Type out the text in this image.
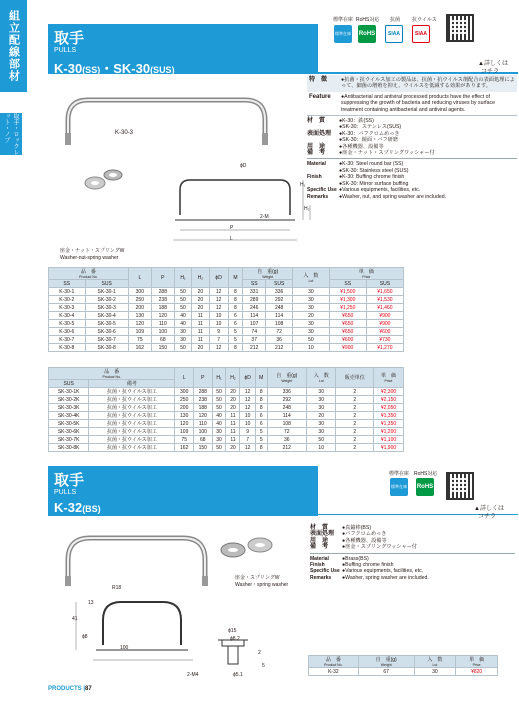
組立配線部材
取手・ロックレット・ノブ
取手
PULLS
K-30(SS)・SK-30(SUS)
標準在庫 RoHS対応 抗菌 抗ウイルス
標準在庫 RoHS	SIAA	SIAA
▲詳しくは
コチラ
K-30-3
ϕD
H₁
H₂
2-M
P
L
座金・ナット・スプリングW
Washer-nut-spring washer
特　徴	●抗菌・抗ウイルス加工の製品は、抗菌・抗ウイルス剤配合の表面処理によって、細菌の増殖を抑え、ウイルスを低減する効果があります。
Feature	●Antibacterial and antiviral processed products have the effect of suppressing the growth of bacteria and reducing viruses by surface treatment containing antibacterial and antiviral agents.
材　質	●K-30：鉄(SS)
●SK-30：ステンレス(SUS)
表面処理	●K-30：バフクロムめっき
●SK-30：鏡面・バフ研磨
用　途	●各種機器、設備等
備　考	●座金・ナット・スプリングワッシャー付
Material	●K-30: Steel round bar (SS)
●SK-30: Stainless steel (SUS)
Finish	●K-30: Buffing chrome finish
●SK-30: Mirror surface buffing
Specific Use ●Various equipments, facilities, etc.
Remarks	●Washer, nut, and spring washer are included.
品　番
Product No.		L	P	H₁	H₂	ϕD	M	自　重(g)
Weight		入　数
Lot	単　価
Price	

SS	SUS							SS	SUS		SS	SUS
K-30-1	SK-30-1	300	288	50	20	12	8	331	336	30	¥1,500	¥1,650
K-30-2	SK-30-2	250	238	50	20	12	8	289	292	30	¥1,300	¥1,530
K-30-3	SK-30-3	200	188	50	20	12	8	246	248	30	¥1,250	¥1,460
K-30-4	SK-30-4	130	120	40	11	10	6	114	114	20	¥650	¥900
K-30-5	SK-30-5	120	110	40	11	10	6	107	108	30	¥650	¥900
K-30-6	SK-30-6	109	100	30	11	9	5	74	72	30	¥650	¥600
K-30-7	SK-30-7	75	68	30	11	7	5	37	36	50	¥600	¥730
K-30-8	SK-30-8	162	150	50	20	12	8	212	212	10	¥900	¥1,270
品　番
Product No.		L	P	H₁	H₂	ϕD	M	自　重(g)
Weight	入　数
Lot	販売単位	単　価
Price

SUS	備考										
SK-30-1K	抗菌・抗ウイルス加工	300	288	50	20	12	8	336	30	2	¥2,300
SK-30-2K	抗菌・抗ウイルス加工	250	238	50	20	12	8	292	30	2	¥2,150
SK-30-3K	抗菌・抗ウイルス加工	200	188	50	20	12	8	248	30	2	¥2,050
SK-30-4K	抗菌・抗ウイルス加工	130	120	40	11	10	6	114	20	2	¥1,350
SK-30-5K	抗菌・抗ウイルス加工	120	110	40	11	10	6	108	30	2	¥1,350
SK-30-6K	抗菌・抗ウイルス加工	109	100	30	11	9	5	72	30	2	¥1,200
SK-30-7K	抗菌・抗ウイルス加工	75	68	30	11	7	5	36	50	2	¥1,100
SK-30-8K	抗菌・抗ウイルス加工	162	150	50	20	12	8	212	10	2	¥1,900
取手
PULLS
K-32(BS)
標準在庫 RoHS対応
標準在庫 RoHS
▲詳しくは
コチラ
41
R18
13
ϕ8
100
2-M4
ϕ15
ϕ8.2
2
5
ϕ5.1
座金・スプリングW
Washer・spring washer
材　質	●真鍮棒(BS)
表面処理	●バフクロムめっき
用　途	●各種機器、設備等
備　考	●座金・スプリングワッシャー付
Material	●Brass(BS)
Finish	●Buffing chrome finish
Specific Use ●Various equipments, facilities, etc.
Remarks	●Washer, spring washer are included.
品　番
Product No.	自　重(g)
Weight	入　数
Lot	単　価
Price

K-32	67	30	¥820
PRODUCTS |87
